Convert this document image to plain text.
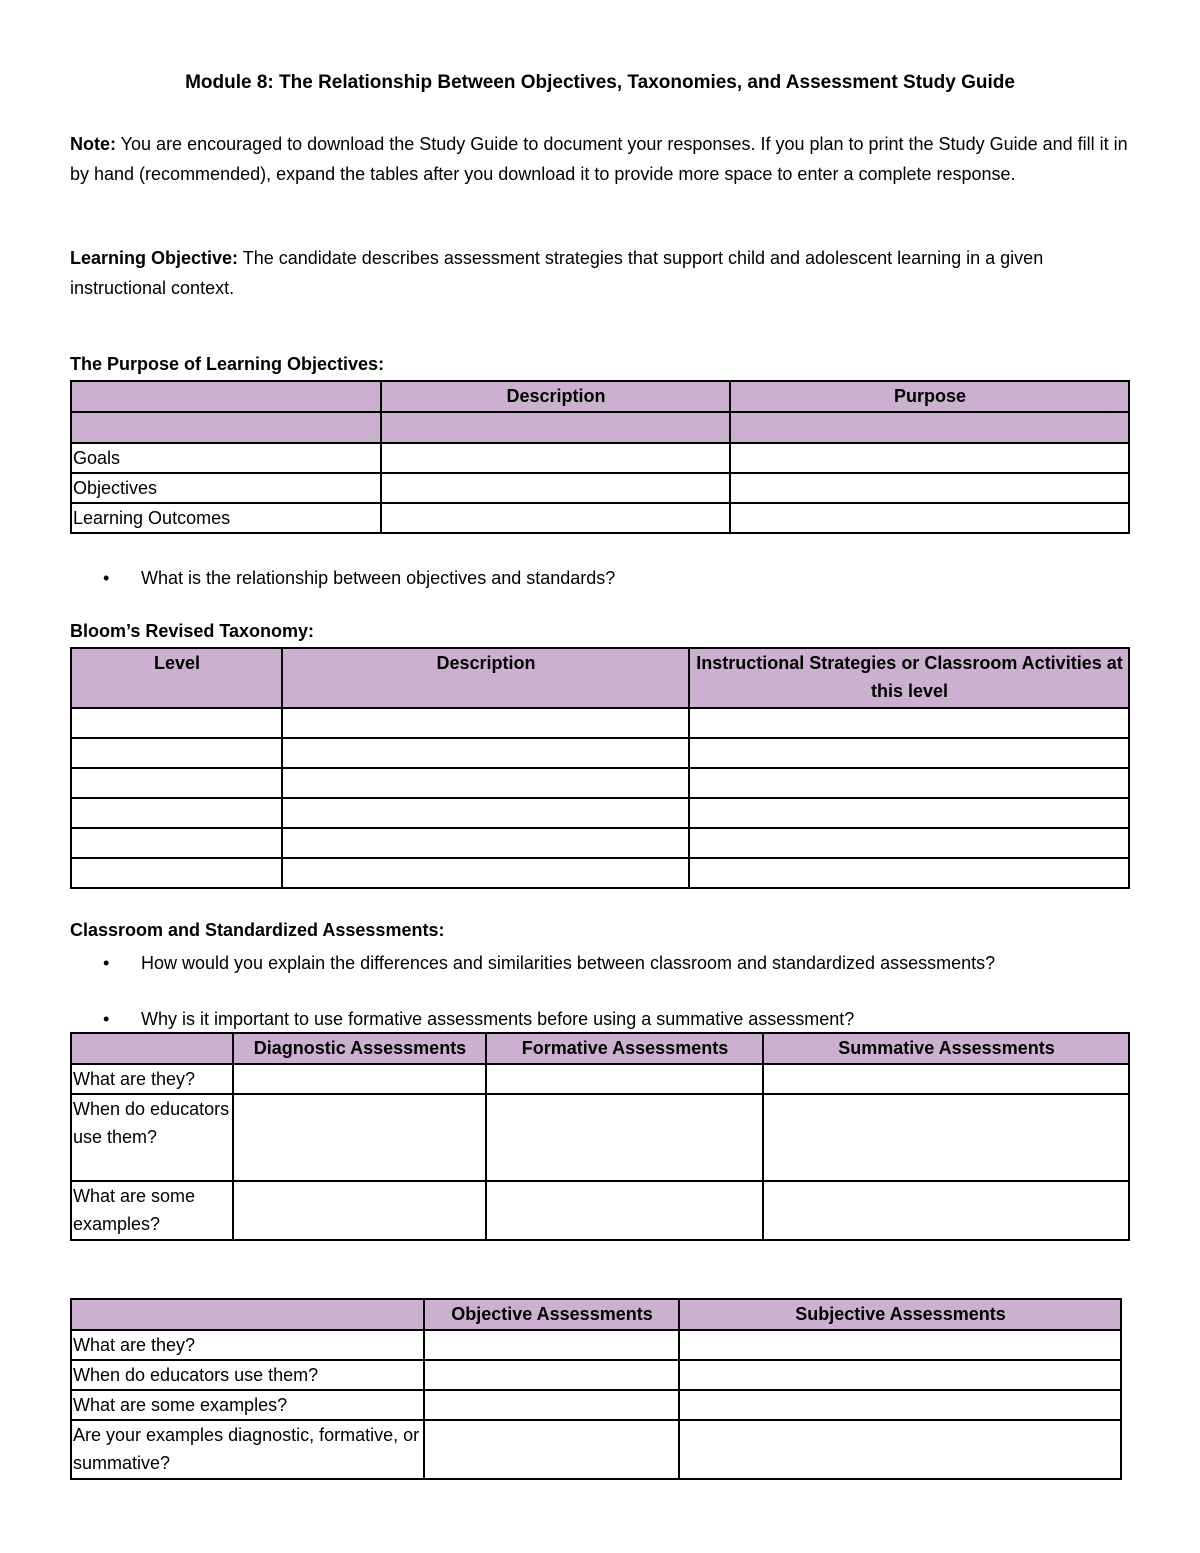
Module 8: The Relationship Between Objectives, Taxonomies, and Assessment Study Guide
Note: You are encouraged to download the Study Guide to document your responses. If you plan to print the Study Guide and fill it in by hand (recommended), expand the tables after you download it to provide more space to enter a complete response.
Learning Objective: The candidate describes assessment strategies that support child and adolescent learning in a given instructional context.
The Purpose of Learning Objectives:
	Description	Purpose

Goals		
Objectives		
Learning Outcomes		
• What is the relationship between objectives and standards?
Bloom’s Revised Taxonomy:
Level	Description	Instructional Strategies or Classroom Activities at this level

Classroom and Standardized Assessments:
• How would you explain the differences and similarities between classroom and standardized assessments?
• Why is it important to use formative assessments before using a summative assessment?
	Diagnostic Assessments	Formative Assessments	Summative Assessments
What are they?			
When do educators use them?			
What are some examples?			
	Objective Assessments	Subjective Assessments
What are they?		
When do educators use them?		
What are some examples?		
Are your examples diagnostic, formative, or summative?		
